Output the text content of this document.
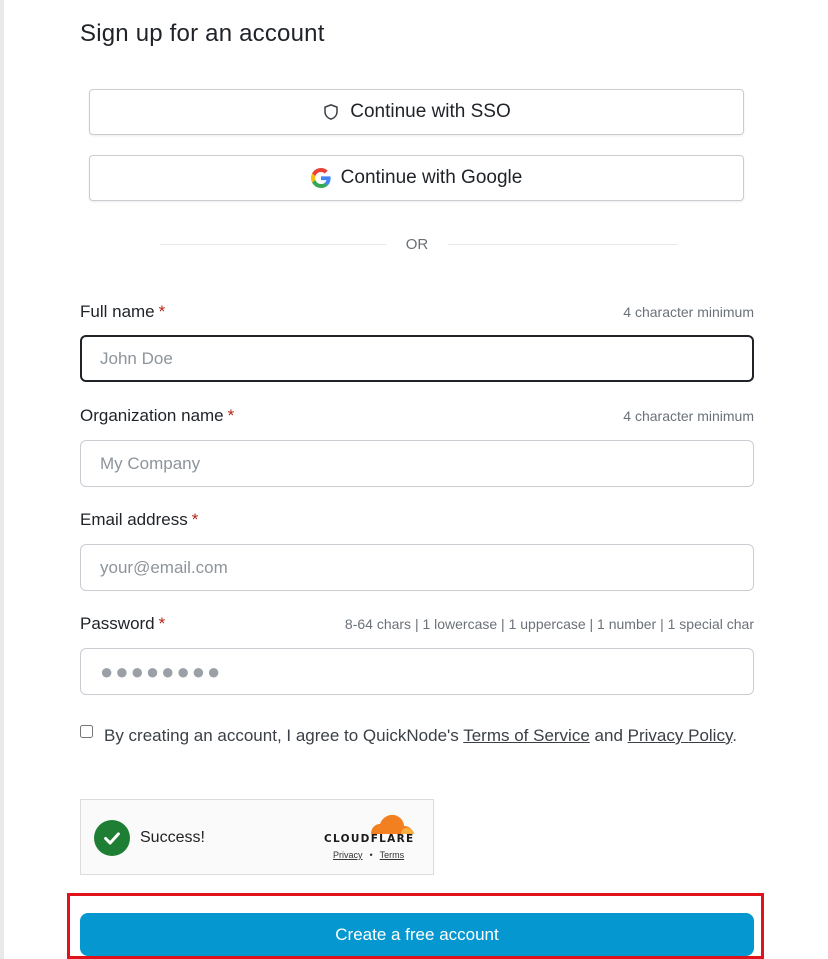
Sign up for an account
Continue with SSO
Continue with Google
OR
Full name *	4 character minimum
John Doe
Organization name *	4 character minimum
My Company
Email address *
your@email.com
Password *	8-64 chars | 1 lowercase | 1 uppercase | 1 number | 1 special char
●●●●●●●●
By creating an account, I agree to QuickNode's Terms of Service and Privacy Policy.
Success!	CLOUDFLARE
Privacy • Terms
Create a free account
